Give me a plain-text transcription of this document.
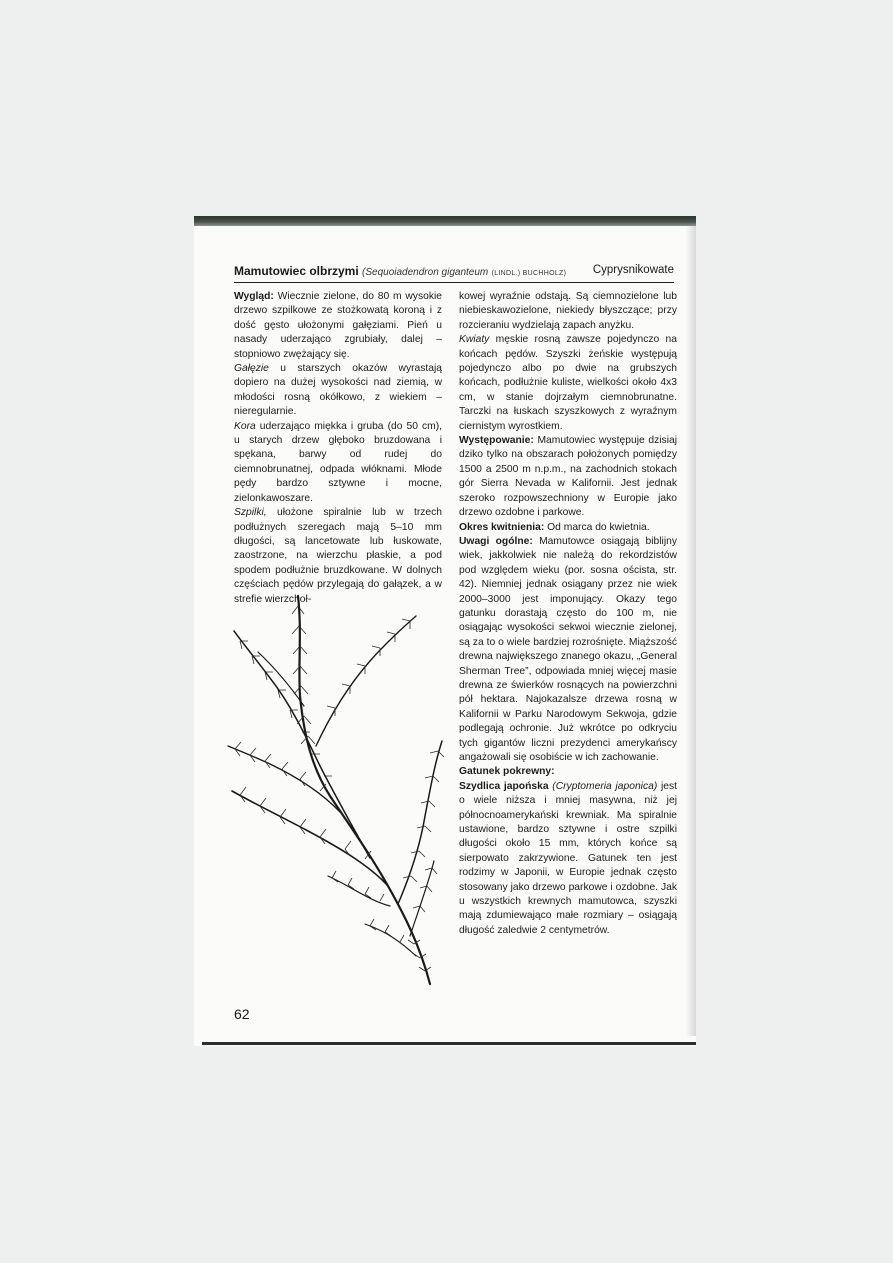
Mamutowiec olbrzymi (Sequoiadendron giganteum (LINDL.) BUCHHOLZ) Cyprysnikowate

Wygląd: Wiecznie zielone, do 80 m wysokie drzewo szpilkowe ze stożkowatą koroną i z dość gęsto ułożonymi gałęziami. Pień u nasady uderzająco zgrubiały, dalej – stopniowo zwężający się.

Gałęzie u starszych okazów wyrastają dopiero na dużej wysokości nad ziemią, w młodości rosną okółkowo, z wiekiem – nieregularnie.

Kora uderzająco miękka i gruba (do 50 cm), u starych drzew głęboko bruzdowana i spękana, barwy od rudej do ciemnobrunatnej, odpada włóknami. Młode pędy bardzo sztywne i mocne, zielonkawoszare.

Szpilki, ułożone spiralnie lub w trzech podłużnych szeregach mają 5–10 mm długości, są lancetowate lub łuskowate, zaostrzone, na wierzchu płaskie, a pod spodem podłużnie bruzdkowane. W dolnych częściach pędów przylegają do gałązek, a w strefie wierzchoł-

kowej wyraźnie odstają. Są ciemnozielone lub niebieskawozielone, niekiedy błyszczące; przy rozcieraniu wydzielają zapach anyżku.

Kwiaty męskie rosną zawsze pojedynczo na końcach pędów. Szyszki żeńskie występują pojedynczo albo po dwie na grubszych końcach, podłużnie kuliste, wielkości około 4x3 cm, w stanie dojrzałym ciemnobrunatne. Tarczki na łuskach szyszkowych z wyraźnym ciernistym wyrostkiem.

Występowanie: Mamutowiec występuje dzisiaj dziko tylko na obszarach położonych pomiędzy 1500 a 2500 m n.p.m., na zachodnich stokach gór Sierra Nevada w Kalifornii. Jest jednak szeroko rozpowszechniony w Europie jako drzewo ozdobne i parkowe.

Okres kwitnienia: Od marca do kwietnia.

Uwagi ogólne: Mamutowce osiągają biblijny wiek, jakkolwiek nie należą do rekordzistów pod względem wieku (por. sosna oścista, str. 42). Niemniej jednak osiągany przez nie wiek 2000–3000 jest imponujący. Okazy tego gatunku dorastają często do 100 m, nie osiągając wysokości sekwoi wiecznie zielonej, są za to o wiele bardziej rozrośnięte. Miąższość drewna największego znanego okazu, „General Sherman Tree”, odpowiada mniej więcej masie drewna ze świerków rosnących na powierzchni pół hektara. Najokazalsze drzewa rosną w Kalifornii w Parku Narodowym Sekwoja, gdzie podlegają ochronie. Już wkrótce po odkryciu tych gigantów liczni prezydenci amerykańscy angażowali się osobiście w ich zachowanie.

Gatunek pokrewny:

Szydlica japońska (Cryptomeria japonica) jest o wiele niższa i mniej masywna, niż jej północnoamerykański krewniak. Ma spiralnie ustawione, bardzo sztywne i ostre szpilki długości około 15 mm, których końce są sierpowato zakrzywione. Gatunek ten jest rodzimy w Japonii, w Europie jednak często stosowany jako drzewo parkowe i ozdobne. Jak u wszystkich krewnych mamutowca, szyszki mają zdumiewająco małe rozmiary – osiągają długość zaledwie 2 centymetrów.

62
